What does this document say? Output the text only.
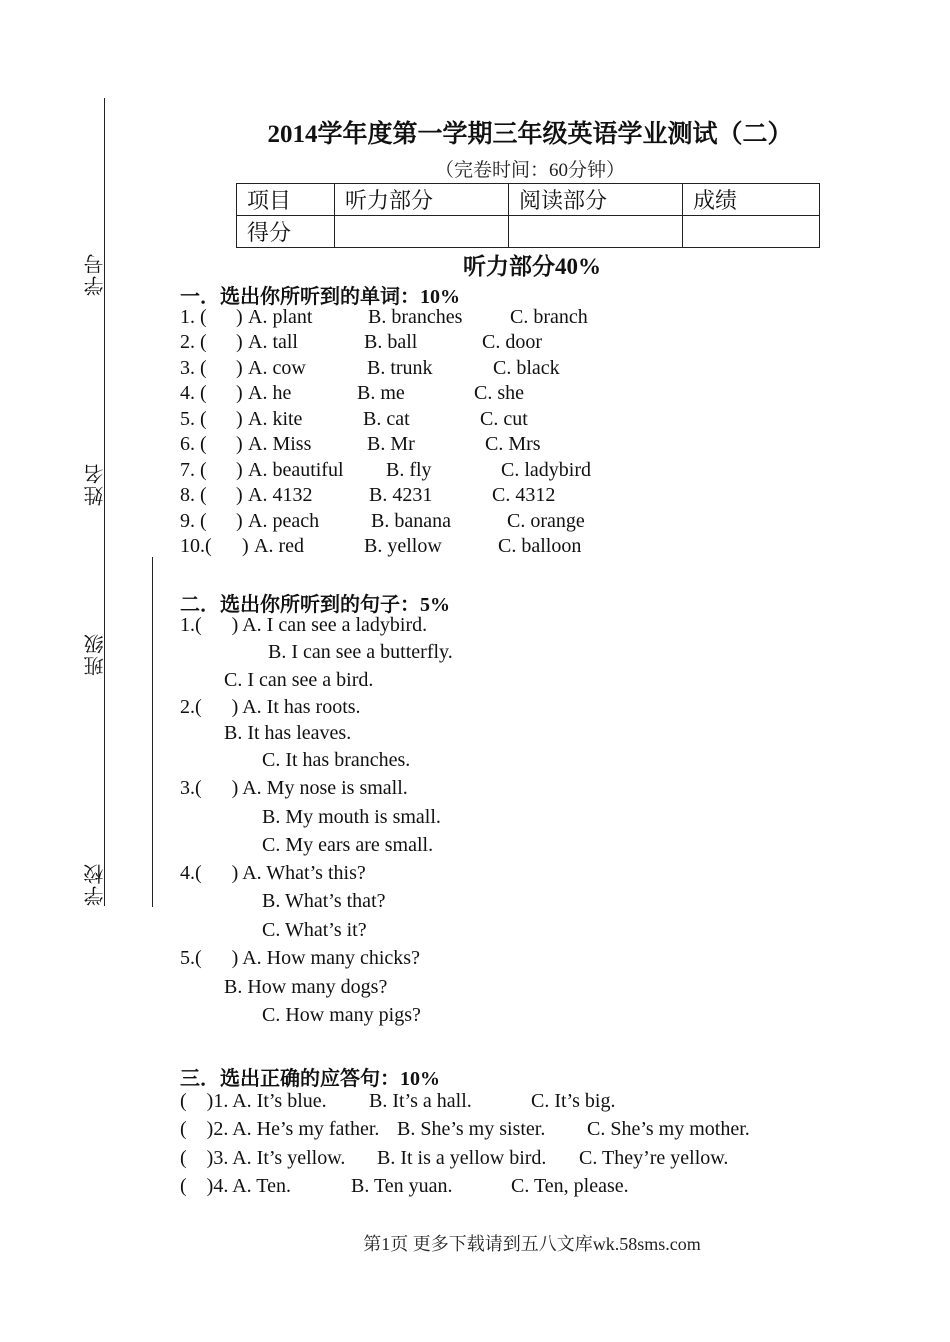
学号
姓名
班级
学校
2014学年度第一学期三年级英语学业测试（二）
（完卷时间：60分钟）
项目	听力部分	阅读部分	成绩
得分			
听力部分40%
一．选出你所听到的单词：10%
1. ( ) A. plant	B. branches C. branch
2. ( ) A. tall	B. ball	C. door
3. ( ) A. cow	B. trunk	C. black
4. ( ) A. he	B. me	C. she
5. ( ) A. kite	B. cat	C. cut
6. ( ) A. Miss	B. Mr	C. Mrs
7. ( ) A. beautiful B. fly	C. ladybird
8. ( ) A. 4132	B. 4231	C. 4312
9. ( ) A. peach	B. banana	C. orange
10.( ) A. red	B. yellow	C. balloon
二．选出你所听到的句子：5%
1.(      ) A. I can see a ladybird.
B. I can see a butterfly.
C. I can see a bird.
2.(      ) A. It has roots.
B. It has leaves.
C. It has branches.
3.(      ) A. My nose is small.
B. My mouth is small.
C. My ears are small.
4.(      ) A. What’s this?
B. What’s that?
C. What’s it?
5.(      ) A. How many chicks?
B. How many dogs?
C. How many pigs?
三．选出正确的应答句：10%
(    )1. A. It’s blue. B. It’s a hall.	C. It’s big.
(    )2. A. He’s my father. B. She’s my sister. C. She’s my mother.
(    )3. A. It’s yellow. B. It is a yellow bird. C. They’re yellow.
(    )4. A. Ten.	B. Ten yuan.	C. Ten, please.
第1页 更多下载请到五八文库wk.58sms.com
